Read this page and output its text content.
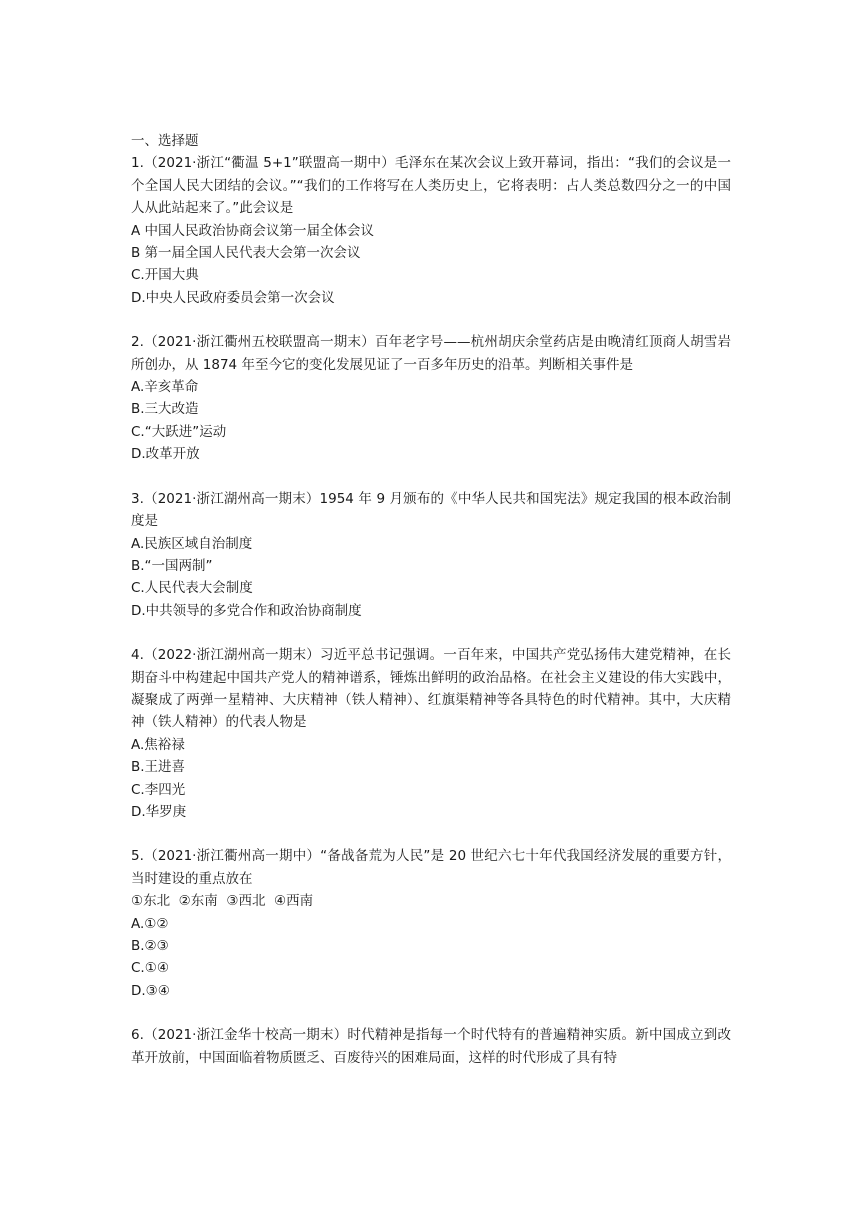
一、选择题
1.（2021·浙江“衢温 5+1”联盟高一期中）毛泽东在某次会议上致开幕词，指出：“我们的会议是一个全国人民大团结的会议。”“我们的工作将写在人类历史上，它将表明：占人类总数四分之一的中国人从此站起来了。”此会议是
A 中国人民政治协商会议第一届全体会议
B 第一届全国人民代表大会第一次会议
C.开国大典
D.中央人民政府委员会第一次会议
2.（2021·浙江衢州五校联盟高一期末）百年老字号——杭州胡庆余堂药店是由晚清红顶商人胡雪岩所创办，从 1874 年至今它的变化发展见证了一百多年历史的沿革。判断相关事件是
A.辛亥革命
B.三大改造
C.“大跃进”运动
D.改革开放
3.（2021·浙江湖州高一期末）1954 年 9 月颁布的《中华人民共和国宪法》规定我国的根本政治制度是
A.民族区域自治制度
B.“一国两制”
C.人民代表大会制度
D.中共领导的多党合作和政治协商制度
4.（2022·浙江湖州高一期末）习近平总书记强调。一百年来，中国共产党弘扬伟大建党精神，在长期奋斗中构建起中国共产党人的精神谱系，锤炼出鲜明的政治品格。在社会主义建设的伟大实践中，凝聚成了两弹一星精神、大庆精神（铁人精神）、红旗渠精神等各具特色的时代精神。其中，大庆精神（铁人精神）的代表人物是
A.焦裕禄
B.王进喜
C.李四光
D.华罗庚
5.（2021·浙江衢州高一期中）“备战备荒为人民”是 20 世纪六七十年代我国经济发展的重要方针，当时建设的重点放在
①东北  ②东南  ③西北  ④西南
A.①②
B.②③
C.①④
D.③④
6.（2021·浙江金华十校高一期末）时代精神是指每一个时代特有的普遍精神实质。新中国成立到改革开放前，中国面临着物质匮乏、百废待兴的困难局面，这样的时代形成了具有特
